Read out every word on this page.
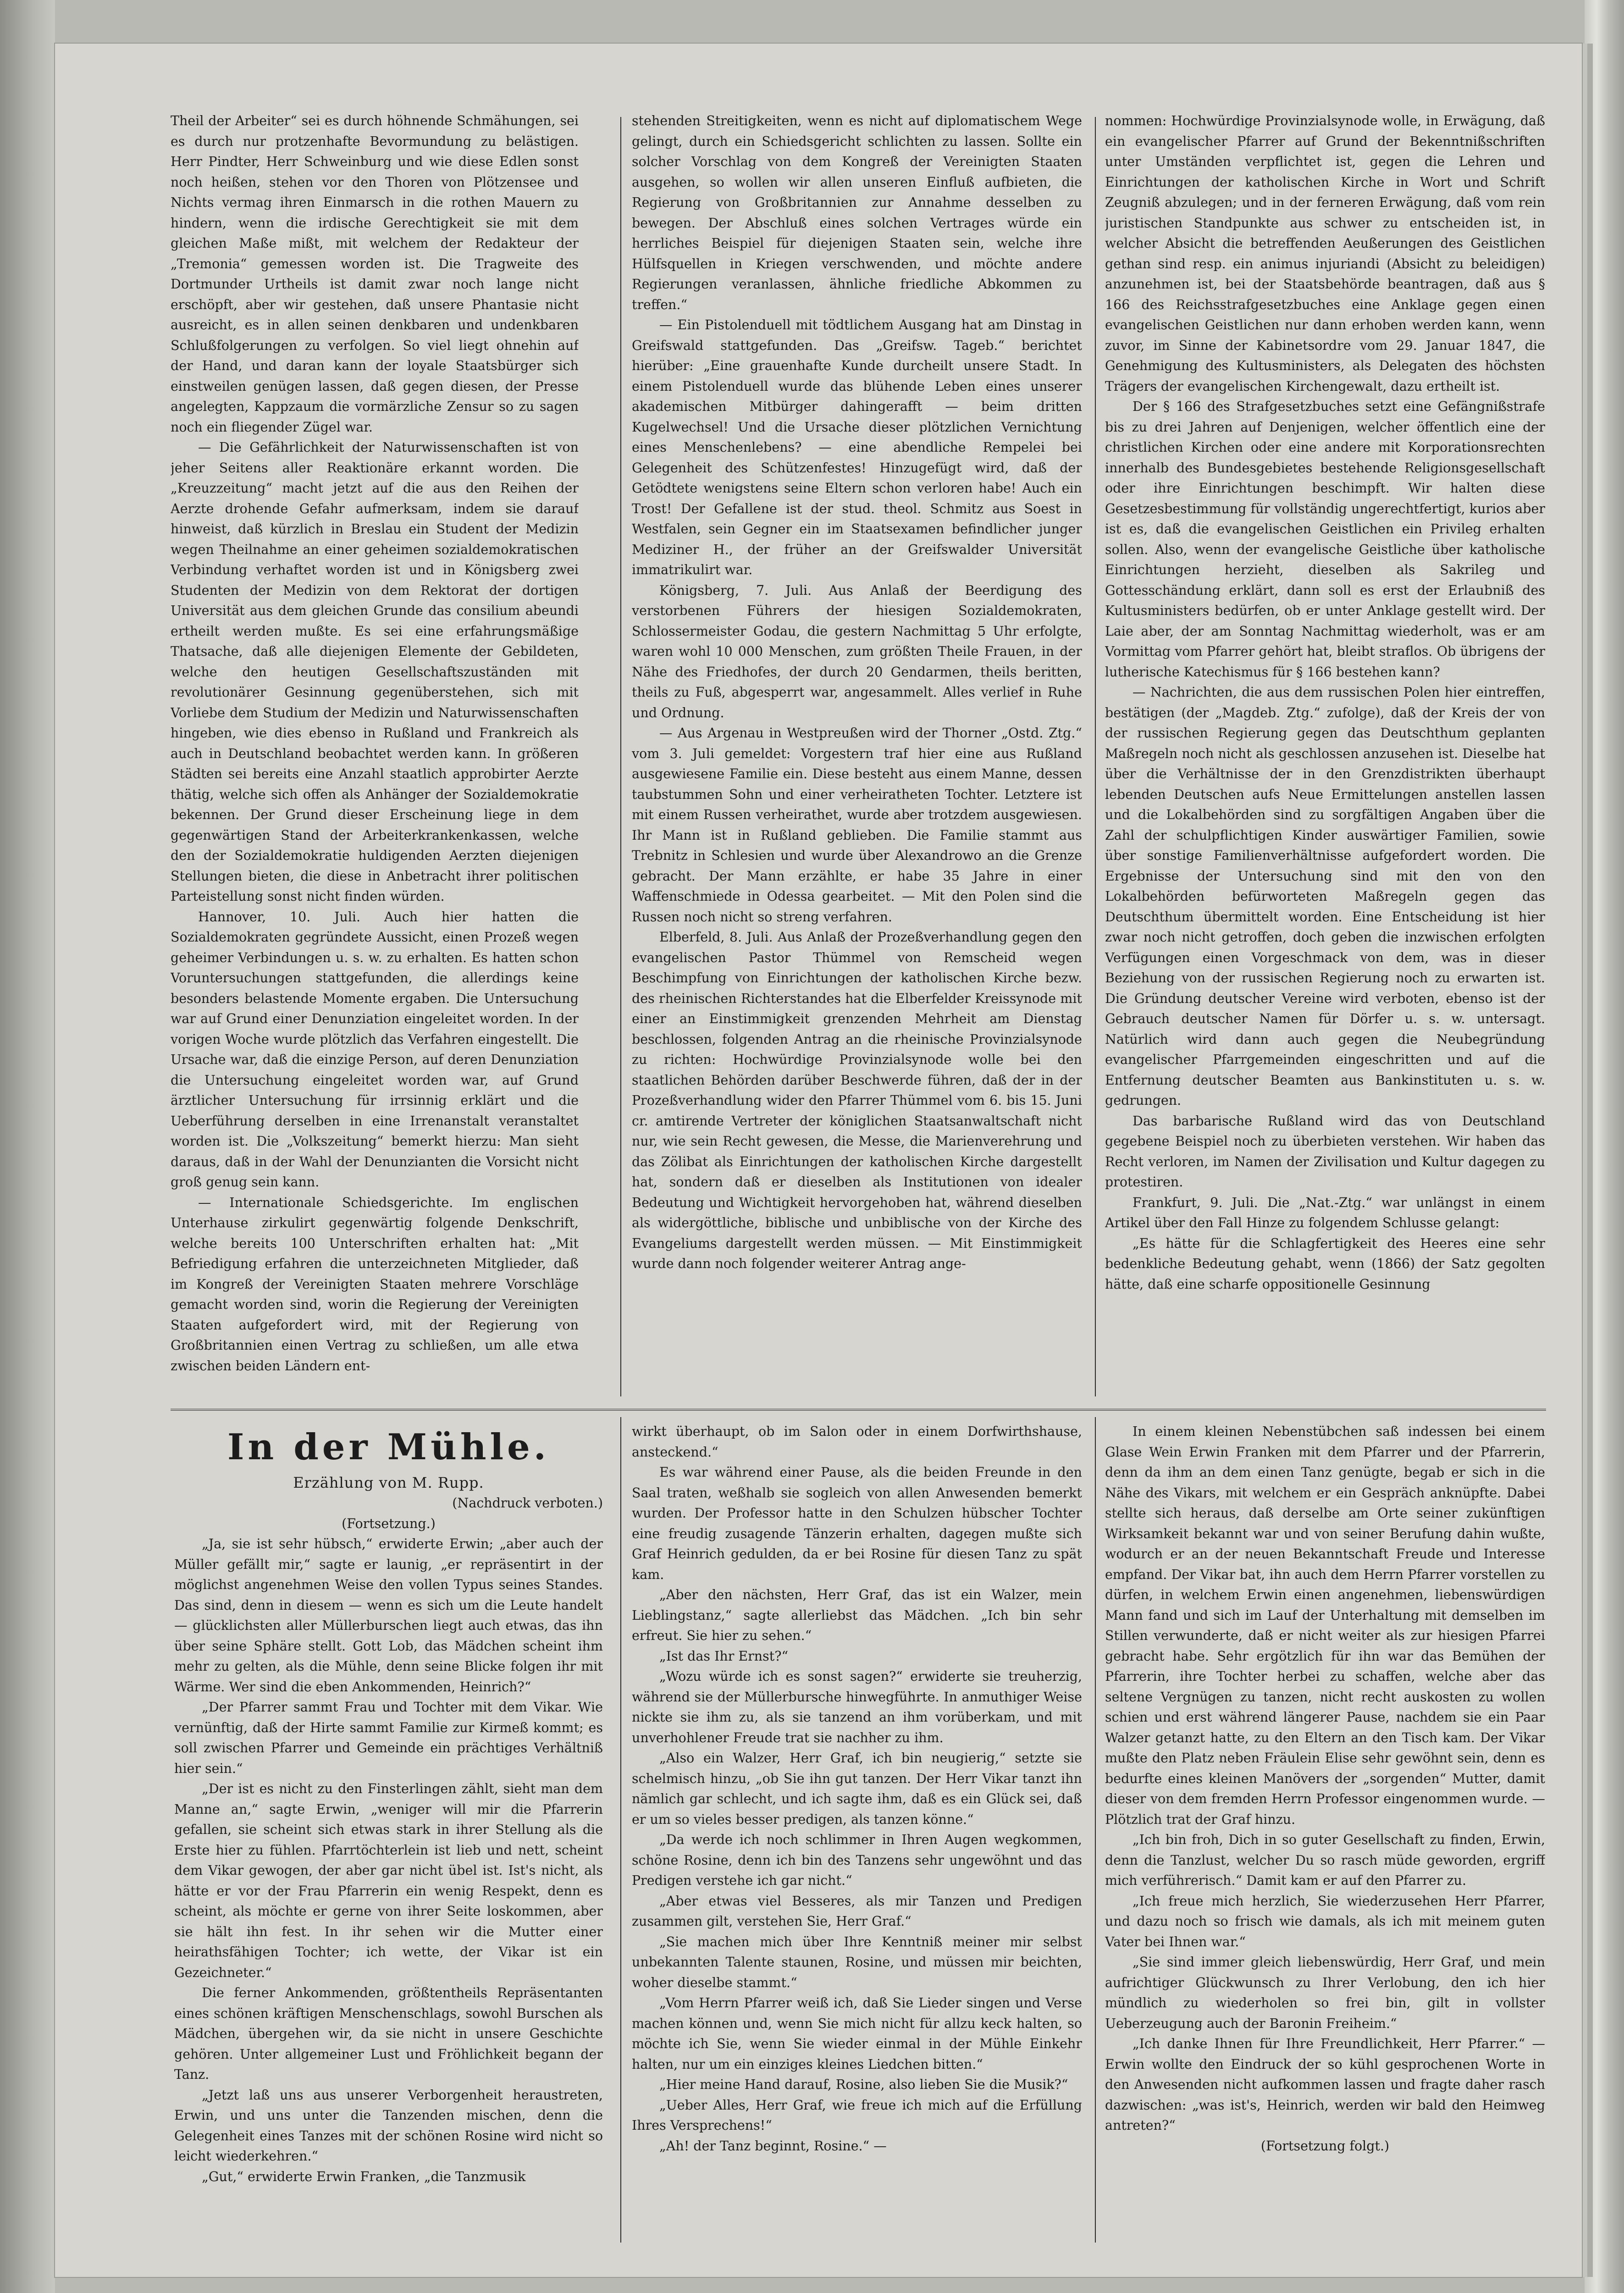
Theil der Arbeiter“ sei es durch höhnende Schmähungen, sei es durch nur protzenhafte Bevormundung zu belästigen. Herr Pindter, Herr Schweinburg und wie diese Edlen sonst noch heißen, stehen vor den Thoren von Plötzensee und Nichts vermag ihren Einmarsch in die rothen Mauern zu hindern, wenn die irdische Gerechtigkeit sie mit dem gleichen Maße mißt, mit welchem der Redakteur der „Tremonia“ gemessen worden ist. Die Tragweite des Dortmunder Urtheils ist damit zwar noch lange nicht erschöpft, aber wir gestehen, daß unsere Phantasie nicht ausreicht, es in allen seinen denkbaren und undenkbaren Schlußfolgerungen zu verfolgen. So viel liegt ohnehin auf der Hand, und daran kann der loyale Staatsbürger sich einstweilen genügen lassen, daß gegen diesen, der Presse angelegten, Kappzaum die vormärzliche Zensur so zu sagen noch ein fliegender Zügel war.

— Die Gefährlichkeit der Naturwissenschaften ist von jeher Seitens aller Reaktionäre erkannt worden. Die „Kreuzzeitung“ macht jetzt auf die aus den Reihen der Aerzte drohende Gefahr aufmerksam, indem sie darauf hinweist, daß kürzlich in Breslau ein Student der Medizin wegen Theilnahme an einer geheimen sozialdemokratischen Verbindung verhaftet worden ist und in Königsberg zwei Studenten der Medizin von dem Rektorat der dortigen Universität aus dem gleichen Grunde das consilium abeundi ertheilt werden mußte. Es sei eine erfahrungsmäßige Thatsache, daß alle diejenigen Elemente der Gebildeten, welche den heutigen Gesellschaftszuständen mit revolutionärer Gesinnung gegenüberstehen, sich mit Vorliebe dem Studium der Medizin und Naturwissenschaften hingeben, wie dies ebenso in Rußland und Frankreich als auch in Deutschland beobachtet werden kann. In größeren Städten sei bereits eine Anzahl staatlich approbirter Aerzte thätig, welche sich offen als Anhänger der Sozialdemokratie bekennen. Der Grund dieser Erscheinung liege in dem gegenwärtigen Stand der Arbeiterkrankenkassen, welche den der Sozialdemokratie huldigenden Aerzten diejenigen Stellungen bieten, die diese in Anbetracht ihrer politischen Parteistellung sonst nicht finden würden.

Hannover, 10. Juli. Auch hier hatten die Sozialdemokraten gegründete Aussicht, einen Prozeß wegen geheimer Verbindungen u. s. w. zu erhalten. Es hatten schon Voruntersuchungen stattgefunden, die allerdings keine besonders belastende Momente ergaben. Die Untersuchung war auf Grund einer Denunziation eingeleitet worden. In der vorigen Woche wurde plötzlich das Verfahren eingestellt. Die Ursache war, daß die einzige Person, auf deren Denunziation die Untersuchung eingeleitet worden war, auf Grund ärztlicher Untersuchung für irrsinnig erklärt und die Ueberführung derselben in eine Irrenanstalt veranstaltet worden ist. Die „Volkszeitung“ bemerkt hierzu: Man sieht daraus, daß in der Wahl der Denunzianten die Vorsicht nicht groß genug sein kann.

— Internationale Schiedsgerichte. Im englischen Unterhause zirkulirt gegenwärtig folgende Denkschrift, welche bereits 100 Unterschriften erhalten hat: „Mit Befriedigung erfahren die unterzeichneten Mitglieder, daß im Kongreß der Vereinigten Staaten mehrere Vorschläge gemacht worden sind, worin die Regierung der Vereinigten Staaten aufgefordert wird, mit der Regierung von Großbritannien einen Vertrag zu schließen, um alle etwa zwischen beiden Ländern ent-

stehenden Streitigkeiten, wenn es nicht auf diplomatischem Wege gelingt, durch ein Schiedsgericht schlichten zu lassen. Sollte ein solcher Vorschlag von dem Kongreß der Vereinigten Staaten ausgehen, so wollen wir allen unseren Einfluß aufbieten, die Regierung von Großbritannien zur Annahme desselben zu bewegen. Der Abschluß eines solchen Vertrages würde ein herrliches Beispiel für diejenigen Staaten sein, welche ihre Hülfsquellen in Kriegen verschwenden, und möchte andere Regierungen veranlassen, ähnliche friedliche Abkommen zu treffen.“

— Ein Pistolenduell mit tödtlichem Ausgang hat am Dinstag in Greifswald stattgefunden. Das „Greifsw. Tageb.“ berichtet hierüber: „Eine grauenhafte Kunde durcheilt unsere Stadt. In einem Pistolenduell wurde das blühende Leben eines unserer akademischen Mitbürger dahingerafft — beim dritten Kugelwechsel! Und die Ursache dieser plötzlichen Vernichtung eines Menschenlebens? — eine abendliche Rempelei bei Gelegenheit des Schützenfestes! Hinzugefügt wird, daß der Getödtete wenigstens seine Eltern schon verloren habe! Auch ein Trost! Der Gefallene ist der stud. theol. Schmitz aus Soest in Westfalen, sein Gegner ein im Staatsexamen befindlicher junger Mediziner H., der früher an der Greifswalder Universität immatrikulirt war.

Königsberg, 7. Juli. Aus Anlaß der Beerdigung des verstorbenen Führers der hiesigen Sozialdemokraten, Schlossermeister Godau, die gestern Nachmittag 5 Uhr erfolgte, waren wohl 10 000 Menschen, zum größten Theile Frauen, in der Nähe des Friedhofes, der durch 20 Gendarmen, theils beritten, theils zu Fuß, abgesperrt war, angesammelt. Alles verlief in Ruhe und Ordnung.

— Aus Argenau in Westpreußen wird der Thorner „Ostd. Ztg.“ vom 3. Juli gemeldet: Vorgestern traf hier eine aus Rußland ausgewiesene Familie ein. Diese besteht aus einem Manne, dessen taubstummen Sohn und einer verheiratheten Tochter. Letztere ist mit einem Russen verheirathet, wurde aber trotzdem ausgewiesen. Ihr Mann ist in Rußland geblieben. Die Familie stammt aus Trebnitz in Schlesien und wurde über Alexandrowo an die Grenze gebracht. Der Mann erzählte, er habe 35 Jahre in einer Waffenschmiede in Odessa gearbeitet. — Mit den Polen sind die Russen noch nicht so streng verfahren.

Elberfeld, 8. Juli. Aus Anlaß der Prozeßverhandlung gegen den evangelischen Pastor Thümmel von Remscheid wegen Beschimpfung von Einrichtungen der katholischen Kirche bezw. des rheinischen Richterstandes hat die Elberfelder Kreissynode mit einer an Einstimmigkeit grenzenden Mehrheit am Dienstag beschlossen, folgenden Antrag an die rheinische Provinzialsynode zu richten: Hochwürdige Provinzialsynode wolle bei den staatlichen Behörden darüber Beschwerde führen, daß der in der Prozeßverhandlung wider den Pfarrer Thümmel vom 6. bis 15. Juni cr. amtirende Vertreter der königlichen Staatsanwaltschaft nicht nur, wie sein Recht gewesen, die Messe, die Marienverehrung und das Zölibat als Einrichtungen der katholischen Kirche dargestellt hat, sondern daß er dieselben als Institutionen von idealer Bedeutung und Wichtigkeit hervorgehoben hat, während dieselben als widergöttliche, biblische und unbiblische von der Kirche des Evangeliums dargestellt werden müssen. — Mit Einstimmigkeit wurde dann noch folgender weiterer Antrag ange-

nommen: Hochwürdige Provinzialsynode wolle, in Erwägung, daß ein evangelischer Pfarrer auf Grund der Bekenntnißschriften unter Umständen verpflichtet ist, gegen die Lehren und Einrichtungen der katholischen Kirche in Wort und Schrift Zeugniß abzulegen; und in der ferneren Erwägung, daß vom rein juristischen Standpunkte aus schwer zu entscheiden ist, in welcher Absicht die betreffenden Aeußerungen des Geistlichen gethan sind resp. ein animus injuriandi (Absicht zu beleidigen) anzunehmen ist, bei der Staatsbehörde beantragen, daß aus § 166 des Reichsstrafgesetzbuches eine Anklage gegen einen evangelischen Geistlichen nur dann erhoben werden kann, wenn zuvor, im Sinne der Kabinetsordre vom 29. Januar 1847, die Genehmigung des Kultusministers, als Delegaten des höchsten Trägers der evangelischen Kirchengewalt, dazu ertheilt ist.

Der § 166 des Strafgesetzbuches setzt eine Gefängnißstrafe bis zu drei Jahren auf Denjenigen, welcher öffentlich eine der christlichen Kirchen oder eine andere mit Korporationsrechten innerhalb des Bundesgebietes bestehende Religionsgesellschaft oder ihre Einrichtungen beschimpft. Wir halten diese Gesetzesbestimmung für vollständig ungerechtfertigt, kurios aber ist es, daß die evangelischen Geistlichen ein Privileg erhalten sollen. Also, wenn der evangelische Geistliche über katholische Einrichtungen herzieht, dieselben als Sakrileg und Gottesschändung erklärt, dann soll es erst der Erlaubniß des Kultusministers bedürfen, ob er unter Anklage gestellt wird. Der Laie aber, der am Sonntag Nachmittag wiederholt, was er am Vormittag vom Pfarrer gehört hat, bleibt straflos. Ob übrigens der lutherische Katechismus für § 166 bestehen kann?

— Nachrichten, die aus dem russischen Polen hier eintreffen, bestätigen (der „Magdeb. Ztg.“ zufolge), daß der Kreis der von der russischen Regierung gegen das Deutschthum geplanten Maßregeln noch nicht als geschlossen anzusehen ist. Dieselbe hat über die Verhältnisse der in den Grenzdistrikten überhaupt lebenden Deutschen aufs Neue Ermittelungen anstellen lassen und die Lokalbehörden sind zu sorgfältigen Angaben über die Zahl der schulpflichtigen Kinder auswärtiger Familien, sowie über sonstige Familienverhältnisse aufgefordert worden. Die Ergebnisse der Untersuchung sind mit den von den Lokalbehörden befürworteten Maßregeln gegen das Deutschthum übermittelt worden. Eine Entscheidung ist hier zwar noch nicht getroffen, doch geben die inzwischen erfolgten Verfügungen einen Vorgeschmack von dem, was in dieser Beziehung von der russischen Regierung noch zu erwarten ist. Die Gründung deutscher Vereine wird verboten, ebenso ist der Gebrauch deutscher Namen für Dörfer u. s. w. untersagt. Natürlich wird dann auch gegen die Neubegründung evangelischer Pfarrgemeinden eingeschritten und auf die Entfernung deutscher Beamten aus Bankinstituten u. s. w. gedrungen.

Das barbarische Rußland wird das von Deutschland gegebene Beispiel noch zu überbieten verstehen. Wir haben das Recht verloren, im Namen der Zivilisation und Kultur dagegen zu protestiren.

Frankfurt, 9. Juli. Die „Nat.-Ztg.“ war unlängst in einem Artikel über den Fall Hinze zu folgendem Schlusse gelangt:

„Es hätte für die Schlagfertigkeit des Heeres eine sehr bedenkliche Bedeutung gehabt, wenn (1866) der Satz gegolten hätte, daß eine scharfe oppositionelle Gesinnung

In der Mühle.
Erzählung von M. Rupp.

(Nachdruck verboten.)

(Fortsetzung.)

„Ja, sie ist sehr hübsch,“ erwiderte Erwin; „aber auch der Müller gefällt mir,“ sagte er launig, „er repräsentirt in der möglichst angenehmen Weise den vollen Typus seines Standes. Das sind, denn in diesem — wenn es sich um die Leute handelt — glücklichsten aller Müllerburschen liegt auch etwas, das ihn über seine Sphäre stellt. Gott Lob, das Mädchen scheint ihm mehr zu gelten, als die Mühle, denn seine Blicke folgen ihr mit Wärme. Wer sind die eben Ankommenden, Heinrich?“

„Der Pfarrer sammt Frau und Tochter mit dem Vikar. Wie vernünftig, daß der Hirte sammt Familie zur Kirmeß kommt; es soll zwischen Pfarrer und Gemeinde ein prächtiges Verhältniß hier sein.“

„Der ist es nicht zu den Finsterlingen zählt, sieht man dem Manne an,“ sagte Erwin, „weniger will mir die Pfarrerin gefallen, sie scheint sich etwas stark in ihrer Stellung als die Erste hier zu fühlen. Pfarrtöchterlein ist lieb und nett, scheint dem Vikar gewogen, der aber gar nicht übel ist. Ist's nicht, als hätte er vor der Frau Pfarrerin ein wenig Respekt, denn es scheint, als möchte er gerne von ihrer Seite loskommen, aber sie hält ihn fest. In ihr sehen wir die Mutter einer heirathsfähigen Tochter; ich wette, der Vikar ist ein Gezeichneter.“

Die ferner Ankommenden, größtentheils Repräsentanten eines schönen kräftigen Menschenschlags, sowohl Burschen als Mädchen, übergehen wir, da sie nicht in unsere Geschichte gehören. Unter allgemeiner Lust und Fröhlichkeit begann der Tanz.

„Jetzt laß uns aus unserer Verborgenheit heraustreten, Erwin, und uns unter die Tanzenden mischen, denn die Gelegenheit eines Tanzes mit der schönen Rosine wird nicht so leicht wiederkehren.“

„Gut,“ erwiderte Erwin Franken, „die Tanzmusik

wirkt überhaupt, ob im Salon oder in einem Dorfwirthshause, ansteckend.“

Es war während einer Pause, als die beiden Freunde in den Saal traten, weßhalb sie sogleich von allen Anwesenden bemerkt wurden. Der Professor hatte in den Schulzen hübscher Tochter eine freudig zusagende Tänzerin erhalten, dagegen mußte sich Graf Heinrich gedulden, da er bei Rosine für diesen Tanz zu spät kam.

„Aber den nächsten, Herr Graf, das ist ein Walzer, mein Lieblingstanz,“ sagte allerliebst das Mädchen. „Ich bin sehr erfreut. Sie hier zu sehen.“

„Ist das Ihr Ernst?“

„Wozu würde ich es sonst sagen?“ erwiderte sie treuherzig, während sie der Müllerbursche hinwegführte. In anmuthiger Weise nickte sie ihm zu, als sie tanzend an ihm vorüberkam, und mit unverhohlener Freude trat sie nachher zu ihm.

„Also ein Walzer, Herr Graf, ich bin neugierig,“ setzte sie schelmisch hinzu, „ob Sie ihn gut tanzen. Der Herr Vikar tanzt ihn nämlich gar schlecht, und ich sagte ihm, daß es ein Glück sei, daß er um so vieles besser predigen, als tanzen könne.“

„Da werde ich noch schlimmer in Ihren Augen wegkommen, schöne Rosine, denn ich bin des Tanzens sehr ungewöhnt und das Predigen verstehe ich gar nicht.“

„Aber etwas viel Besseres, als mir Tanzen und Predigen zusammen gilt, verstehen Sie, Herr Graf.“

„Sie machen mich über Ihre Kenntniß meiner mir selbst unbekannten Talente staunen, Rosine, und müssen mir beichten, woher dieselbe stammt.“

„Vom Herrn Pfarrer weiß ich, daß Sie Lieder singen und Verse machen können und, wenn Sie mich nicht für allzu keck halten, so möchte ich Sie, wenn Sie wieder einmal in der Mühle Einkehr halten, nur um ein einziges kleines Liedchen bitten.“

„Hier meine Hand darauf, Rosine, also lieben Sie die Musik?“

„Ueber Alles, Herr Graf, wie freue ich mich auf die Erfüllung Ihres Versprechens!“

„Ah! der Tanz beginnt, Rosine.“ —

In einem kleinen Nebenstübchen saß indessen bei einem Glase Wein Erwin Franken mit dem Pfarrer und der Pfarrerin, denn da ihm an dem einen Tanz genügte, begab er sich in die Nähe des Vikars, mit welchem er ein Gespräch anknüpfte. Dabei stellte sich heraus, daß derselbe am Orte seiner zukünftigen Wirksamkeit bekannt war und von seiner Berufung dahin wußte, wodurch er an der neuen Bekanntschaft Freude und Interesse empfand. Der Vikar bat, ihn auch dem Herrn Pfarrer vorstellen zu dürfen, in welchem Erwin einen angenehmen, liebenswürdigen Mann fand und sich im Lauf der Unterhaltung mit demselben im Stillen verwunderte, daß er nicht weiter als zur hiesigen Pfarrei gebracht habe. Sehr ergötzlich für ihn war das Bemühen der Pfarrerin, ihre Tochter herbei zu schaffen, welche aber das seltene Vergnügen zu tanzen, nicht recht auskosten zu wollen schien und erst während längerer Pause, nachdem sie ein Paar Walzer getanzt hatte, zu den Eltern an den Tisch kam. Der Vikar mußte den Platz neben Fräulein Elise sehr gewöhnt sein, denn es bedurfte eines kleinen Manövers der „sorgenden“ Mutter, damit dieser von dem fremden Herrn Professor eingenommen wurde. — Plötzlich trat der Graf hinzu.

„Ich bin froh, Dich in so guter Gesellschaft zu finden, Erwin, denn die Tanzlust, welcher Du so rasch müde geworden, ergriff mich verführerisch.“ Damit kam er auf den Pfarrer zu.

„Ich freue mich herzlich, Sie wiederzusehen Herr Pfarrer, und dazu noch so frisch wie damals, als ich mit meinem guten Vater bei Ihnen war.“

„Sie sind immer gleich liebenswürdig, Herr Graf, und mein aufrichtiger Glückwunsch zu Ihrer Verlobung, den ich hier mündlich zu wiederholen so frei bin, gilt in vollster Ueberzeugung auch der Baronin Freiheim.“

„Ich danke Ihnen für Ihre Freundlichkeit, Herr Pfarrer.“ — Erwin wollte den Eindruck der so kühl gesprochenen Worte in den Anwesenden nicht aufkommen lassen und fragte daher rasch dazwischen: „was ist's, Heinrich, werden wir bald den Heimweg antreten?“

(Fortsetzung folgt.)
